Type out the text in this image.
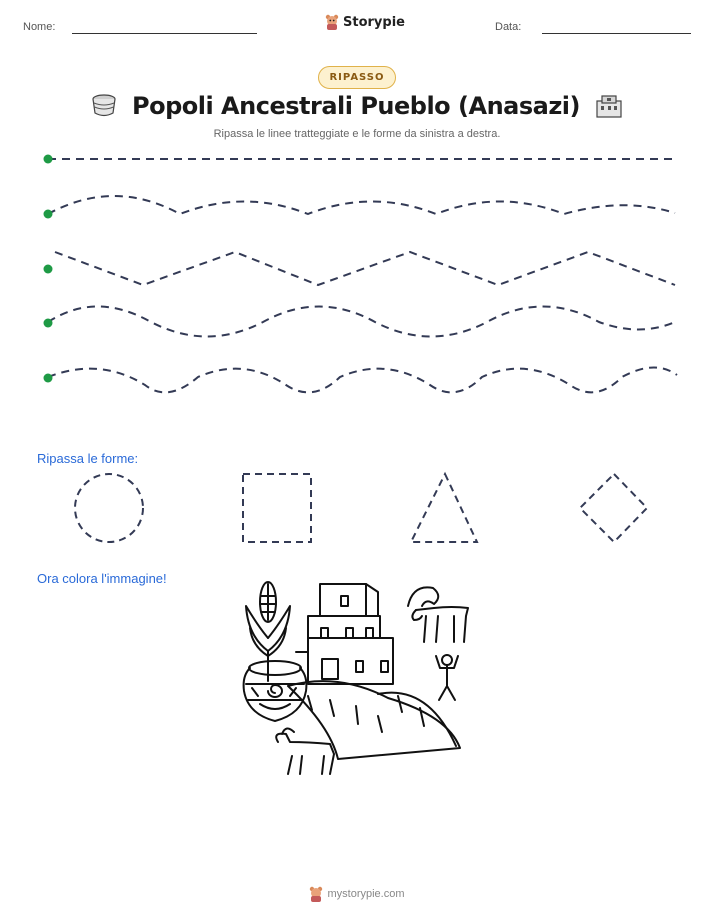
Nome:	Storypie	Data:
RIPASSO
Popoli Ancestrali Pueblo (Anasazi)
Ripassa le linee tratteggiate e le forme da sinistra a destra.
Ripassa le forme:
Ora colora l'immagine!
mystorypie.com
